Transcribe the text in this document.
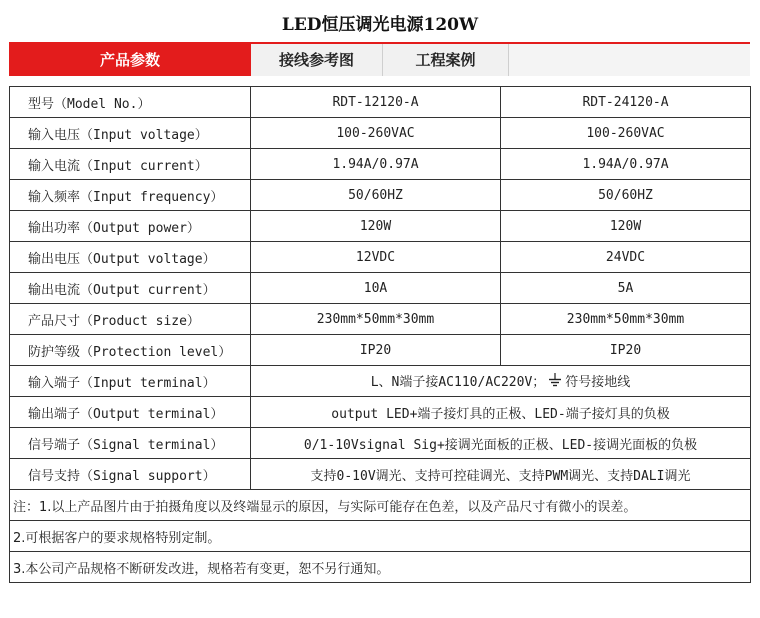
LED恒压调光电源120W
产品参数	接线参考图	工程案例
型号（Model No.）	RDT-12120-A	RDT-24120-A
输入电压（Input voltage）	100-260VAC	100-260VAC
输入电流（Input current）	1.94A/0.97A	1.94A/0.97A
输入频率（Input frequency）	50/60HZ	50/60HZ
输出功率（Output power）	120W	120W
输出电压（Output voltage）	12VDC	24VDC
输出电流（Output current）	10A	5A
产品尺寸（Product size）	230mm*50mm*30mm	230mm*50mm*30mm
防护等级（Protection level）	IP20	IP20
输入端子（Input terminal）	L、N端子接AC110/AC220V； 符号接地线	
输出端子（Output terminal）	output LED+端子接灯具的正极、LED-端子接灯具的负极	
信号端子（Signal terminal）	0/1-10Vsignal Sig+接调光面板的正极、LED-接调光面板的负极	
信号支持（Signal support）	支持0-10V调光、支持可控硅调光、支持PWM调光、支持DALI调光	
注：1.以上产品图片由于拍摄角度以及终端显示的原因，与实际可能存在色差，以及产品尺寸有微小的误差。		
2.可根据客户的要求规格特别定制。		
3.本公司产品规格不断研发改进，规格若有变更，恕不另行通知。		
